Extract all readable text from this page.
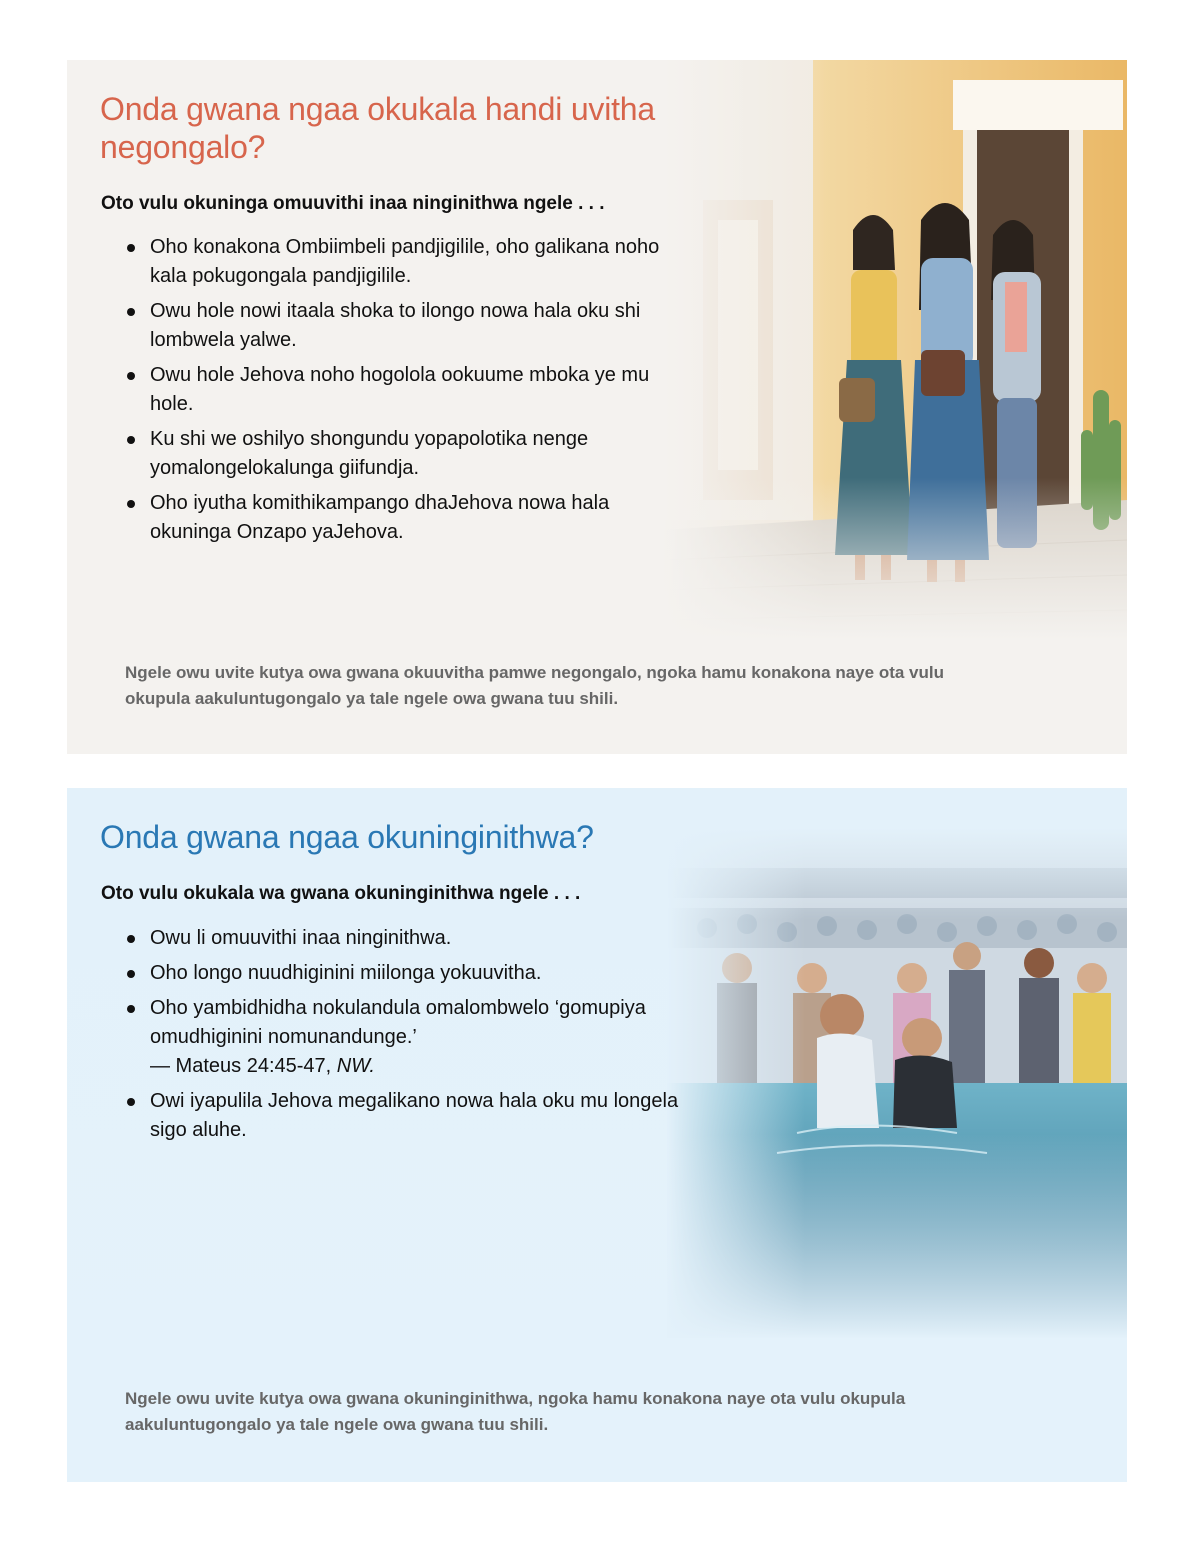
Onda gwana ngaa okukala handi uvitha negongalo?

Oto vulu okuninga omuuvithi inaa ninginithwa ngele . . .

Oho konakona Ombiimbeli pandjigilile, oho galikana noho kala pokugongala pandjigilile.
Owu hole nowi itaala shoka to ilongo nowa hala oku shi lombwela yalwe.
Owu hole Jehova noho hogolola ookuume mboka ye mu hole.
Ku shi we oshilyo shongundu yopapolotika nenge yomalongelokalunga giifundja.
Oho iyutha komithikampango dhaJehova nowa hala okuninga Onzapo yaJehova.

Ngele owu uvite kutya owa gwana okuuvitha pamwe negongalo, ngoka hamu konakona naye ota vulu okupula aakuluntugongalo ya tale ngele owa gwana tuu shili.

Onda gwana ngaa okuninginithwa?

Oto vulu okukala wa gwana okuninginithwa ngele . . .

Owu li omuuvithi inaa ninginithwa.
Oho longo nuudhiginini miilonga yokuuvitha.
Oho yambidhidha nokulandula omalombwelo ‘gomupiya omudhiginini nomunandunge.’
— Mateus 24:45-47, NW.
Owi iyapulila Jehova megalikano nowa hala oku mu longela sigo aluhe.

Ngele owu uvite kutya owa gwana okuninginithwa, ngoka hamu konakona naye ota vulu okupula aakuluntugongalo ya tale ngele owa gwana tuu shili.
